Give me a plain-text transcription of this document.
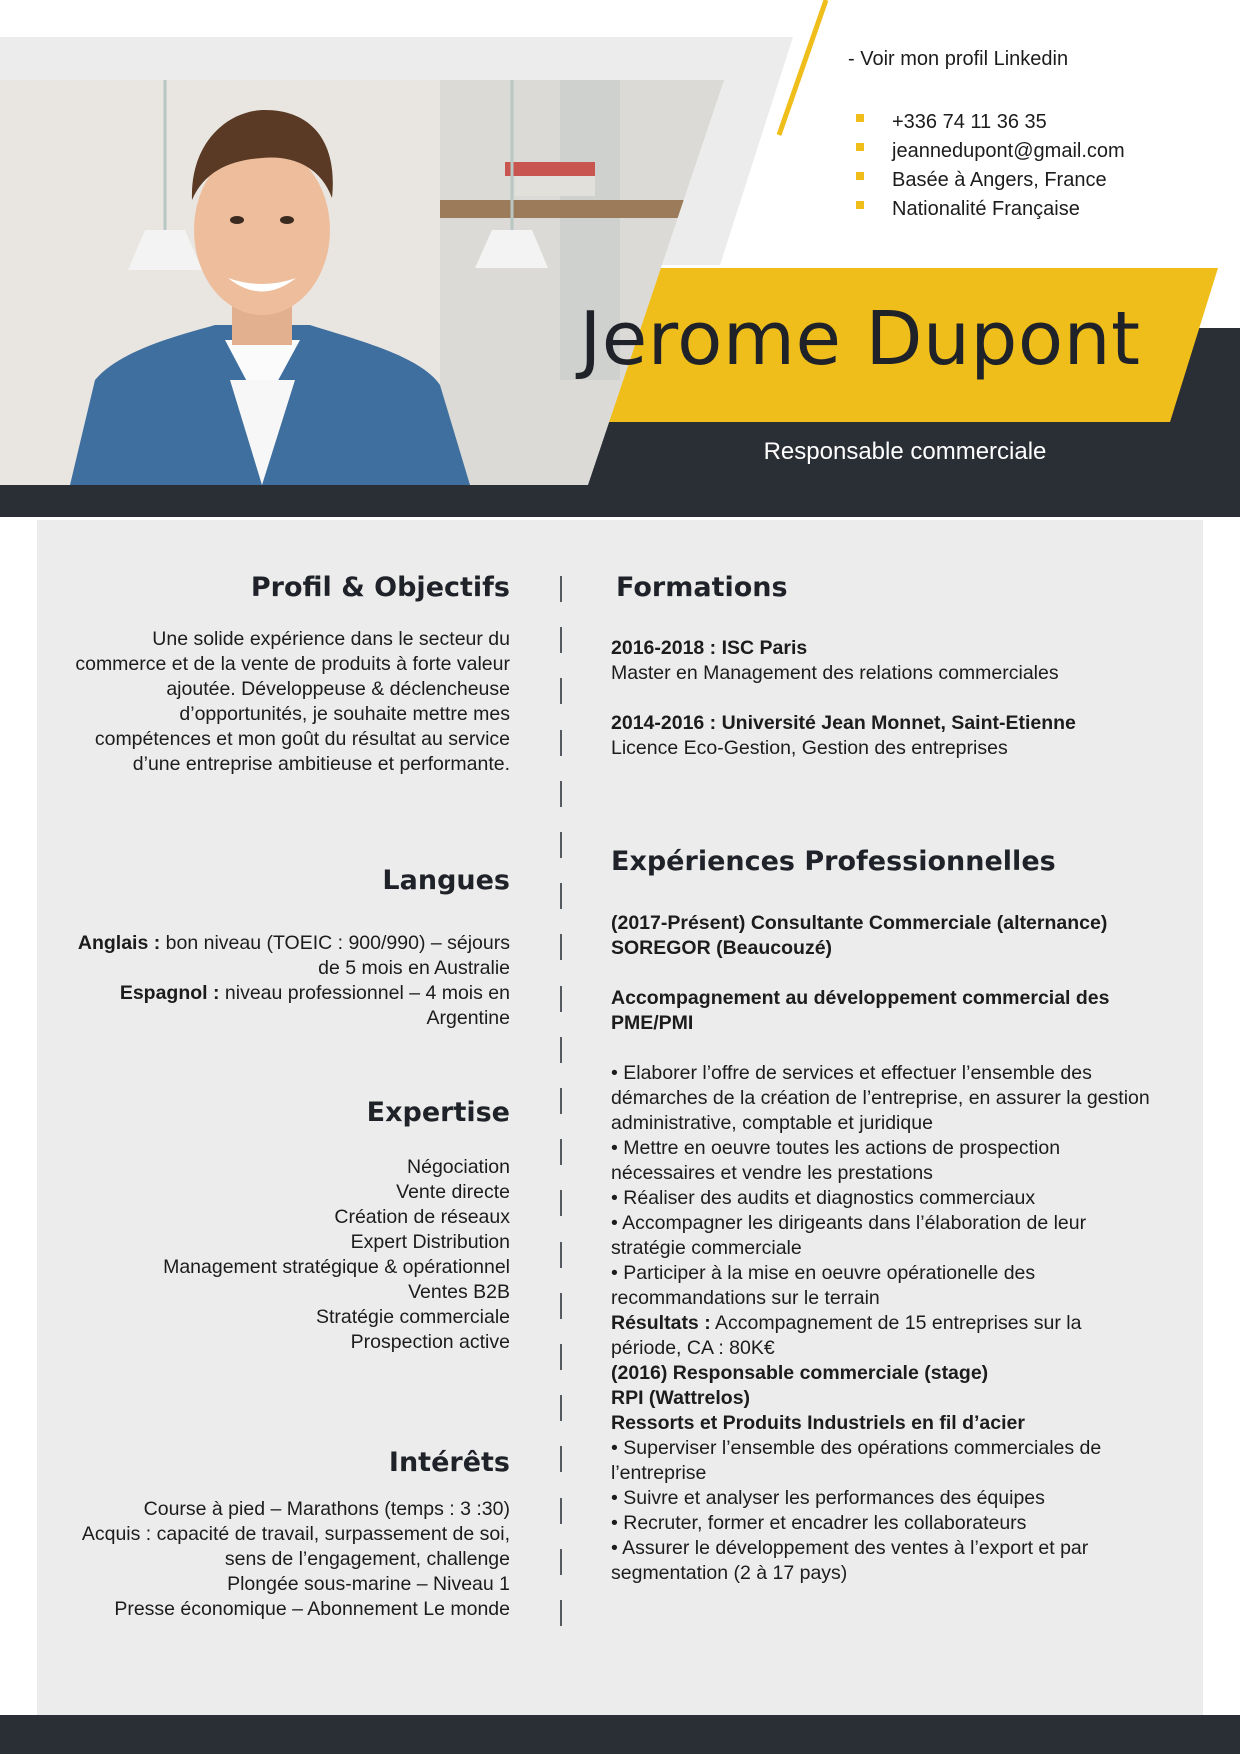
- Voir mon profil Linkedin
+336 74 11 36 35
jeannedupont@gmail.com
Basée à Angers, France
Nationalité Française
Jerome Dupont
Responsable commerciale
Profil & Objectifs
Une solide expérience dans le secteur du commerce et de la vente de produits à forte valeur ajoutée. Développeuse & déclencheuse d’opportunités, je souhaite mettre mes compétences et mon goût du résultat au service d’une entreprise ambitieuse et performante.
Langues
Anglais : bon niveau (TOEIC : 900/990) – séjours de 5 mois en Australie
Espagnol : niveau professionnel – 4 mois en Argentine
Expertise
Négociation
Vente directe
Création de réseaux
Expert Distribution
Management stratégique & opérationnel
Ventes B2B
Stratégie commerciale
Prospection active
Intérêts
Course à pied – Marathons (temps : 3 :30)
Acquis : capacité de travail, surpassement de soi, sens de l’engagement, challenge
Plongée sous-marine – Niveau 1
Presse économique – Abonnement Le monde
Formations
2016-2018 : ISC Paris
Master en Management des relations commerciales
2014-2016 : Université Jean Monnet, Saint-Etienne
Licence Eco-Gestion, Gestion des entreprises
Expériences Professionnelles
(2017-Présent) Consultante Commerciale (alternance)
SOREGOR (Beaucouzé)
Accompagnement au développement commercial des PME/PMI
• Elaborer l’offre de services et effectuer l’ensemble des démarches de la création de l’entreprise, en assurer la gestion administrative, comptable et juridique
• Mettre en oeuvre toutes les actions de prospection nécessaires et vendre les prestations
• Réaliser des audits et diagnostics commerciaux
• Accompagner les dirigeants dans l’élaboration de leur stratégie commerciale
• Participer à la mise en oeuvre opérationelle des recommandations sur le terrain
Résultats : Accompagnement de 15 entreprises sur la période, CA : 80K€
(2016) Responsable commerciale (stage)
RPI (Wattrelos)
Ressorts et Produits Industriels en fil d’acier
• Superviser l’ensemble des opérations commerciales de l’entreprise
• Suivre et analyser les performances des équipes
• Recruter, former et encadrer les collaborateurs
• Assurer le développement des ventes à l’export et par segmentation (2 à 17 pays)
